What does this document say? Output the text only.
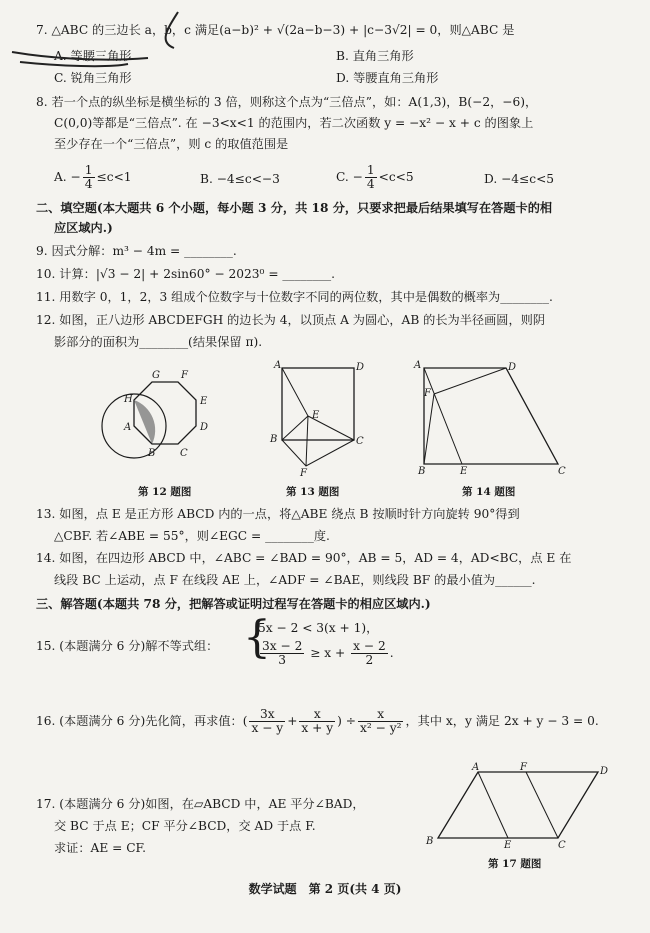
7. △ABC 的三边长 a，b，c 满足(a−b)² + √(2a−b−3) + |c−3√2| = 0，则△ABC 是
A. 等腰三角形	B. 直角三角形
C. 锐角三角形	D. 等腰直角三角形
8. 若一个点的纵坐标是横坐标的 3 倍，则称这个点为“三倍点”，如：A(1,3)，B(−2，−6)，
C(0,0)等都是“三倍点”. 在 −3<x<1 的范围内，若二次函数 y = −x² − x + c 的图象上
至少存在一个“三倍点”，则 c 的取值范围是
A. − $\frac{1}{4} \le c<1$	B. −4≤c<−3	C. − $\frac{1}{4} <c<5$	D. −4≤c<5
二、填空题(本大题共 6 个小题，每小题 3 分，共 18 分，只要求把最后结果填写在答题卡的相
应区域内.)
9. 因式分解：m³ − 4m = ________.
10. 计算：|√3 − 2| + 2sin60° − 2023⁰ = ________.
11. 用数字 0，1，2，3 组成个位数字与十位数字不同的两位数，其中是偶数的概率为________.
12. 如图，正八边形 ABCDEFGH 的边长为 4，以顶点 A 为圆心，AB 的长为半径画圆，则阴
影部分的面积为________(结果保留 π).
G F
H	E
A	D
B C
第 12 题图
A	D
E
B	C
F
第 13 题图
A	D
F
B	E	C
第 14 题图
13. 如图，点 E 是正方形 ABCD 内的一点，将△ABE 绕点 B 按顺时针方向旋转 90°得到
△CBF. 若∠ABE = 55°，则∠EGC = ________度.
14. 如图，在四边形 ABCD 中，∠ABC = ∠BAD = 90°，AB = 5，AD = 4，AD<BC，点 E 在
线段 BC 上运动，点 F 在线段 AE 上，∠ADF = ∠BAE，则线段 BF 的最小值为______.
三、解答题(本题共 78 分，把解答或证明过程写在答题卡的相应区域内.)
15. (本题满分 6 分)解不等式组： {
5x − 2 < 3(x + 1)，
$\frac{3x - 2}{3} \ge x + \frac{x - 2}{2}$ .
16. (本题满分 6 分)先化简，再求值：( $\frac{3x}{x - y} + \frac{x}{x + y}$ ) ÷ $\frac{x}{\text{x² − y²}}$ ，其中 x，y 满足 2x + y − 3 = 0.
17. (本题满分 6 分)如图，在▱ABCD 中，AE 平分∠BAD，
交 BC 于点 E；CF 平分∠BCD，交 AD 于点 F.
求证：AE = CF.
A	F	D
B	E	C
第 17 题图
数学试题　第 2 页(共 4 页)
